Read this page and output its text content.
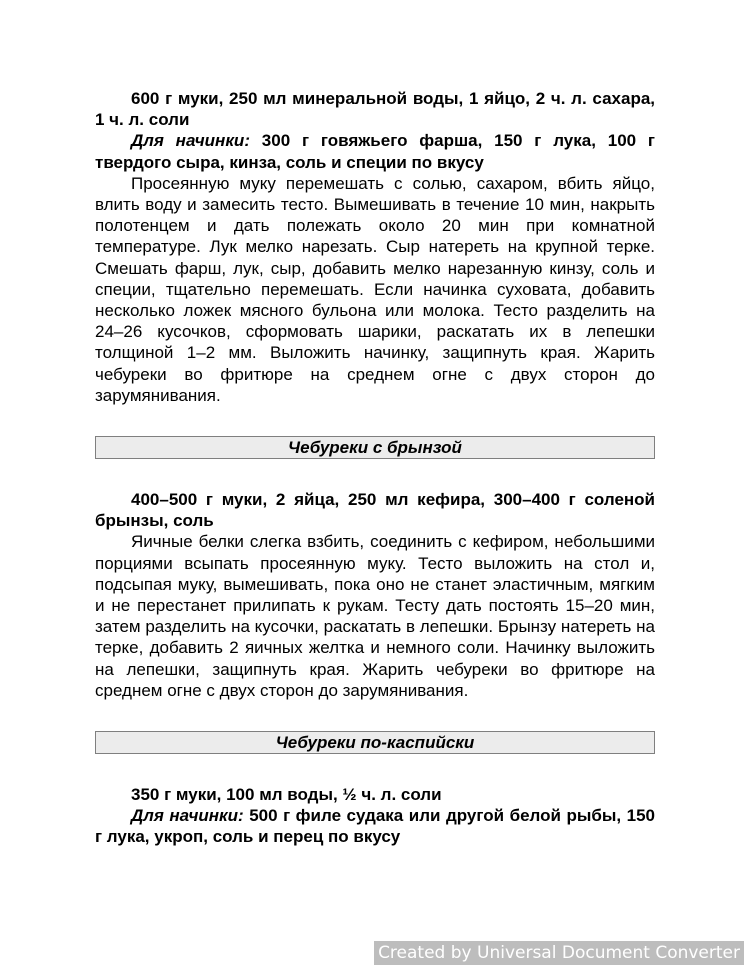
600 г муки, 250 мл минеральной воды, 1 яйцо, 2 ч. л. сахара, 1 ч. л. соли

Для начинки: 300 г говяжьего фарша, 150 г лука, 100 г твердого сыра, кинза, соль и специи по вкусу

Просеянную муку перемешать с солью, сахаром, вбить яйцо, влить воду и замесить тесто. Вымешивать в течение 10 мин, накрыть полотенцем и дать полежать около 20 мин при комнатной температуре. Лук мелко нарезать. Сыр натереть на крупной терке. Смешать фарш, лук, сыр, добавить мелко нарезанную кинзу, соль и специи, тщательно перемешать. Если начинка суховата, добавить несколько ложек мясного бульона или молока. Тесто разделить на 24–26 кусочков, сформовать шарики, раскатать их в лепешки толщиной 1–2 мм. Выложить начинку, защипнуть края. Жарить чебуреки во фритюре на среднем огне с двух сторон до зарумянивания.

Чебуреки с брынзой

400–500 г муки, 2 яйца, 250 мл кефира, 300–400 г соленой брынзы, соль

Яичные белки слегка взбить, соединить с кефиром, небольшими порциями всыпать просеянную муку. Тесто выложить на стол и, подсыпая муку, вымешивать, пока оно не станет эластичным, мягким и не перестанет прилипать к рукам. Тесту дать постоять 15–20 мин, затем разделить на кусочки, раскатать в лепешки. Брынзу натереть на терке, добавить 2 яичных желтка и немного соли. Начинку выложить на лепешки, защипнуть края. Жарить чебуреки во фритюре на среднем огне с двух сторон до зарумянивания.

Чебуреки по-каспийски

350 г муки, 100 мл воды, ½ ч. л. соли

Для начинки: 500 г филе судака или другой белой рыбы, 150 г лука, укроп, соль и перец по вкусу

Created by Universal Document Converter
